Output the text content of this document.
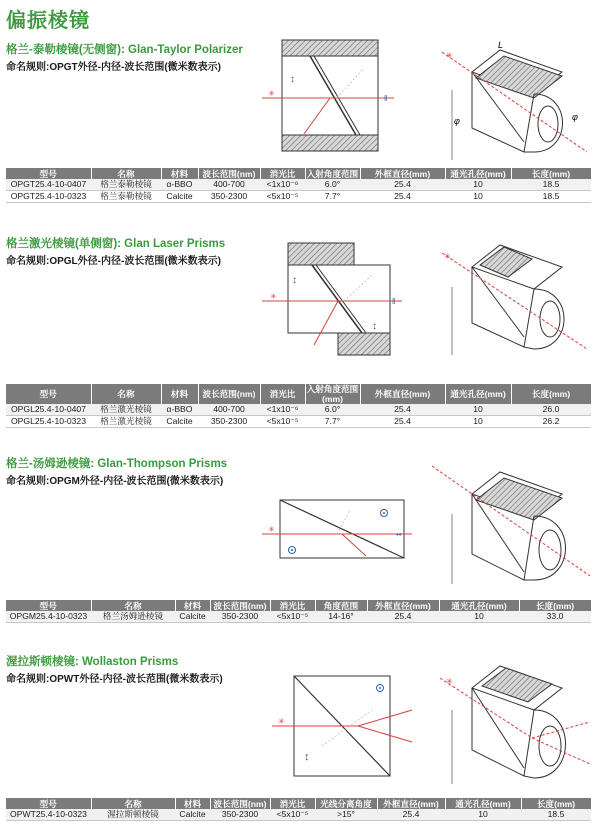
偏振棱镜
格兰-泰勒棱镜(无侧窗): Glan-Taylor Polarizer
命名规则:OPGT外径-内径-波长范围(微米数表示)
✳
↕
‖
✳
L
φ	φ
型号	名称	材料	波长范围(nm)	消光比	入射角度范围	外框直径(mm)	通光孔径(mm)	长度(mm)
OPGT25.4-10-0407	格兰泰勒棱镜	α-BBO	400-700	<1x10⁻⁶	6.0°	25.4	10	18.5
OPGT25.4-10-0323	格兰泰勒棱镜	Calcite	350-2300	<5x10⁻⁵	7.7°	25.4	10	18.5
格兰激光棱镜(单侧窗): Glan Laser Prisms
命名规则:OPGL外径-内径-波长范围(微米数表示)
✳
↕
↕
‖
✳
型号	名称	材料	波长范围(nm)	消光比	入射角度范围 (mm)	外框直径(mm)	通光孔径(mm)	长度(mm)
OPGL25.4-10-0407	格兰激光棱镜	α-BBO	400-700	<1x10⁻⁶	6.0°	25.4	10	26.0
OPGL25.4-10-0323	格兰激光棱镜	Calcite	350-2300	<5x10⁻⁵	7.7°	25.4	10	26.2
格兰-汤姆逊棱镜: Glan-Thompson Prisms
命名规则:OPGM外径-内径-波长范围(微米数表示)
✳
••
型号	名称	材料	波长范围(nm)	消光比	角度范围	外框直径(mm)	通光孔径(mm)	长度(mm)
OPGM25.4-10-0323	格兰汤姆逊棱镜	Calcite	350-2300	<5x10⁻⁵	14-16°	25.4	10	33.0
渥拉斯顿棱镜: Wollaston Prisms
命名规则:OPWT外径-内径-波长范围(微米数表示)
✳
↕
✳
型号	名称	材料	波长范围(nm)	消光比	光线分离角度	外框直径(mm)	通光孔径(mm)	长度(mm)
OPWT25.4-10-0323	渥拉斯顿棱镜	Calcite	350-2300	<5x10⁻⁵	>15°	25.4	10	18.5
